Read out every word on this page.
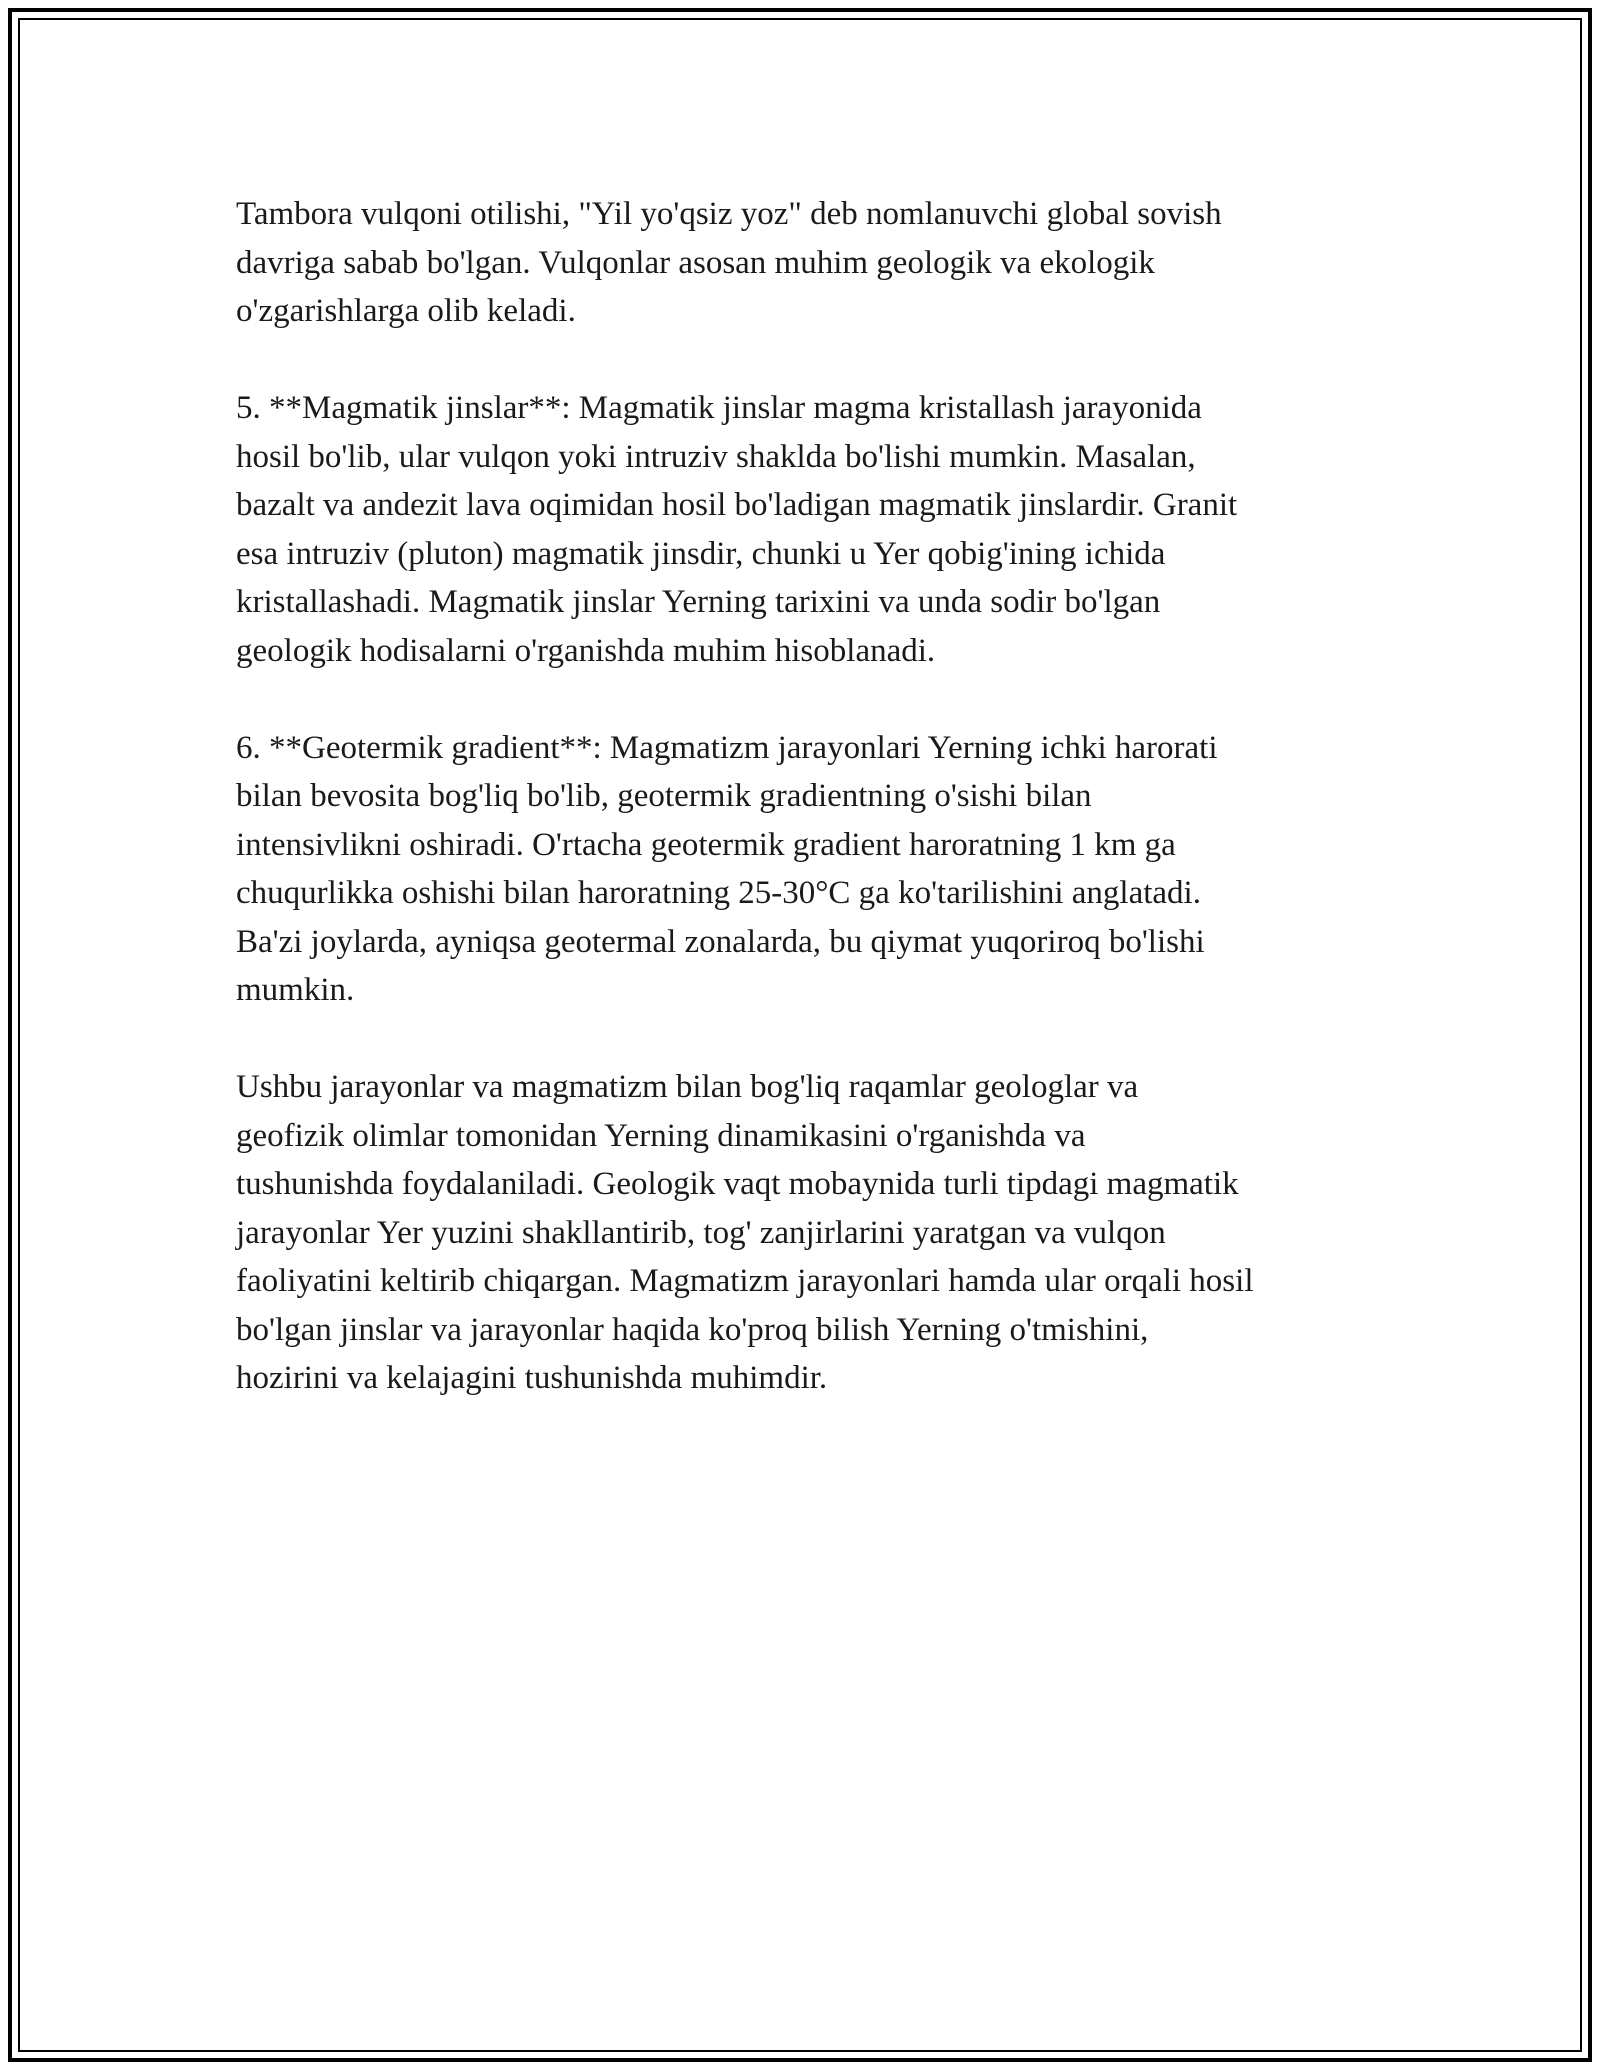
Tambora vulqoni otilishi, "Yil yo'qsiz yoz" deb nomlanuvchi global sovish
davriga sabab bo'lgan. Vulqonlar asosan muhim geologik va ekologik
o'zgarishlarga olib keladi.

5. **Magmatik jinslar**: Magmatik jinslar magma kristallash jarayonida
hosil bo'lib, ular vulqon yoki intruziv shaklda bo'lishi mumkin. Masalan,
bazalt va andezit lava oqimidan hosil bo'ladigan magmatik jinslardir. Granit
esa intruziv (pluton) magmatik jinsdir, chunki u Yer qobig'ining ichida
kristallashadi. Magmatik jinslar Yerning tarixini va unda sodir bo'lgan
geologik hodisalarni o'rganishda muhim hisoblanadi.

6. **Geotermik gradient**: Magmatizm jarayonlari Yerning ichki harorati
bilan bevosita bog'liq bo'lib, geotermik gradientning o'sishi bilan
intensivlikni oshiradi. O'rtacha geotermik gradient haroratning 1 km ga
chuqurlikka oshishi bilan haroratning 25-30°C ga ko'tarilishini anglatadi.
Ba'zi joylarda, ayniqsa geotermal zonalarda, bu qiymat yuqoriroq bo'lishi
mumkin.

Ushbu jarayonlar va magmatizm bilan bog'liq raqamlar geologlar va
geofizik olimlar tomonidan Yerning dinamikasini o'rganishda va
tushunishda foydalaniladi. Geologik vaqt mobaynida turli tipdagi magmatik
jarayonlar Yer yuzini shakllantirib, tog' zanjirlarini yaratgan va vulqon
faoliyatini keltirib chiqargan. Magmatizm jarayonlari hamda ular orqali hosil
bo'lgan jinslar va jarayonlar haqida ko'proq bilish Yerning o'tmishini,
hozirini va kelajagini tushunishda muhimdir.
